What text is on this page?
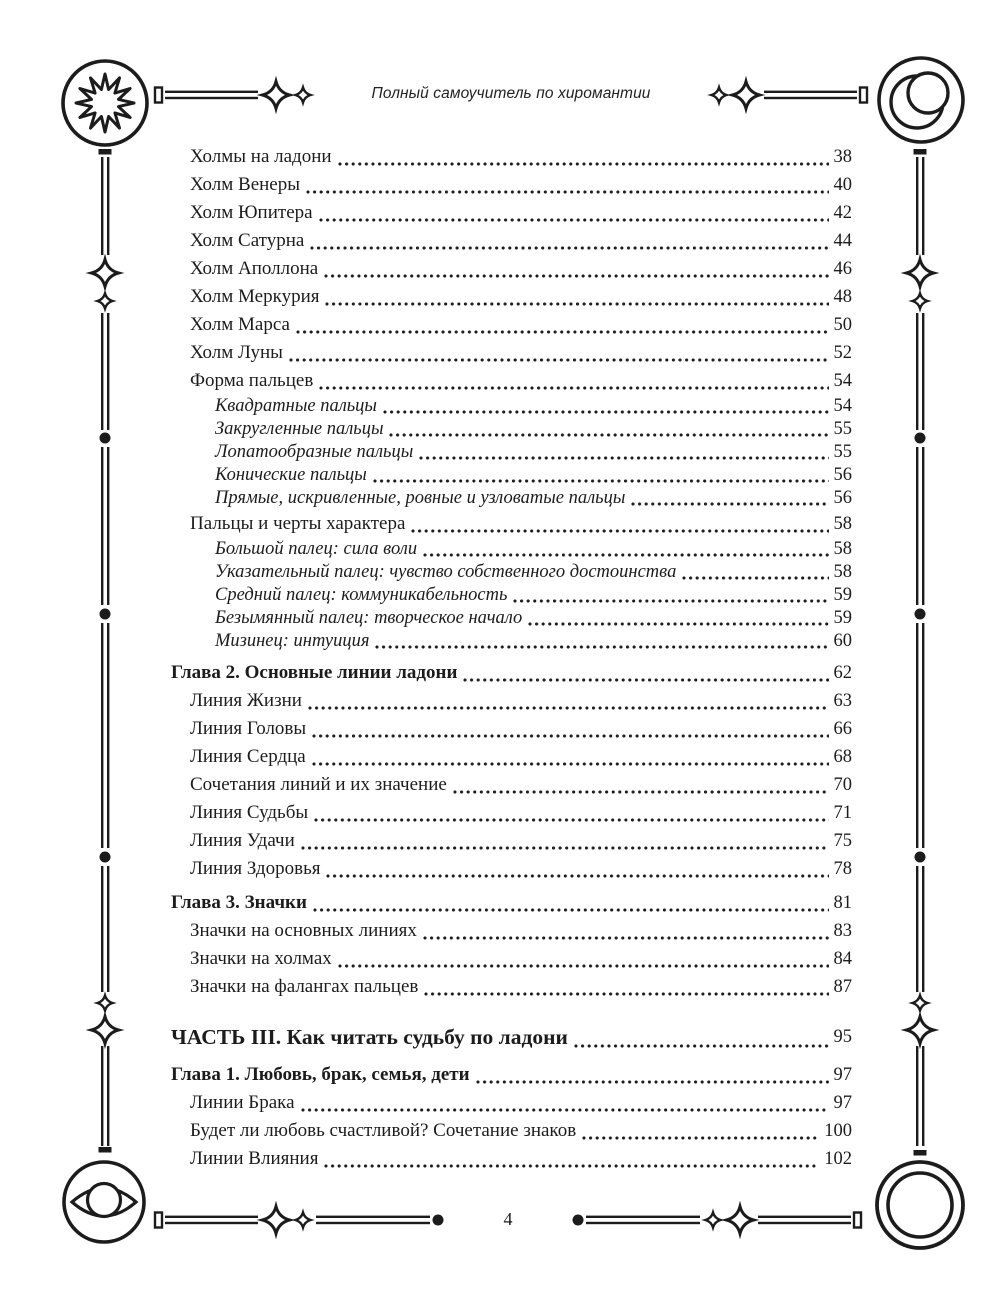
Полный самоучитель по хиромантии
Холмы на ладони	38
Холм Венеры	40
Холм Юпитера	42
Холм Сатурна	44
Холм Аполлона	46
Холм Меркурия	48
Холм Марса	50
Холм Луны	52
Форма пальцев	54
Квадратные пальцы	54
Закругленные пальцы	55
Лопатообразные пальцы	55
Конические пальцы	56
Прямые, искривленные, ровные и узловатые пальцы	56
Пальцы и черты характера	58
Большой палец: сила воли	58
Указательный палец: чувство собственного достоинства	58
Средний палец: коммуникабельность	59
Безымянный палец: творческое начало	59
Мизинец: интуиция	60
Глава 2. Основные линии ладони	62
Линия Жизни	63
Линия Головы	66
Линия Сердца	68
Сочетания линий и их значение	70
Линия Судьбы	71
Линия Удачи	75
Линия Здоровья	78
Глава 3. Значки	81
Значки на основных линиях	83
Значки на холмах	84
Значки на фалангах пальцев	87
ЧАСТЬ III. Как читать судьбу по ладони	95
Глава 1. Любовь, брак, семья, дети	97
Линии Брака	97
Будет ли любовь счастливой? Сочетание знаков	100
Линии Влияния	102
4
